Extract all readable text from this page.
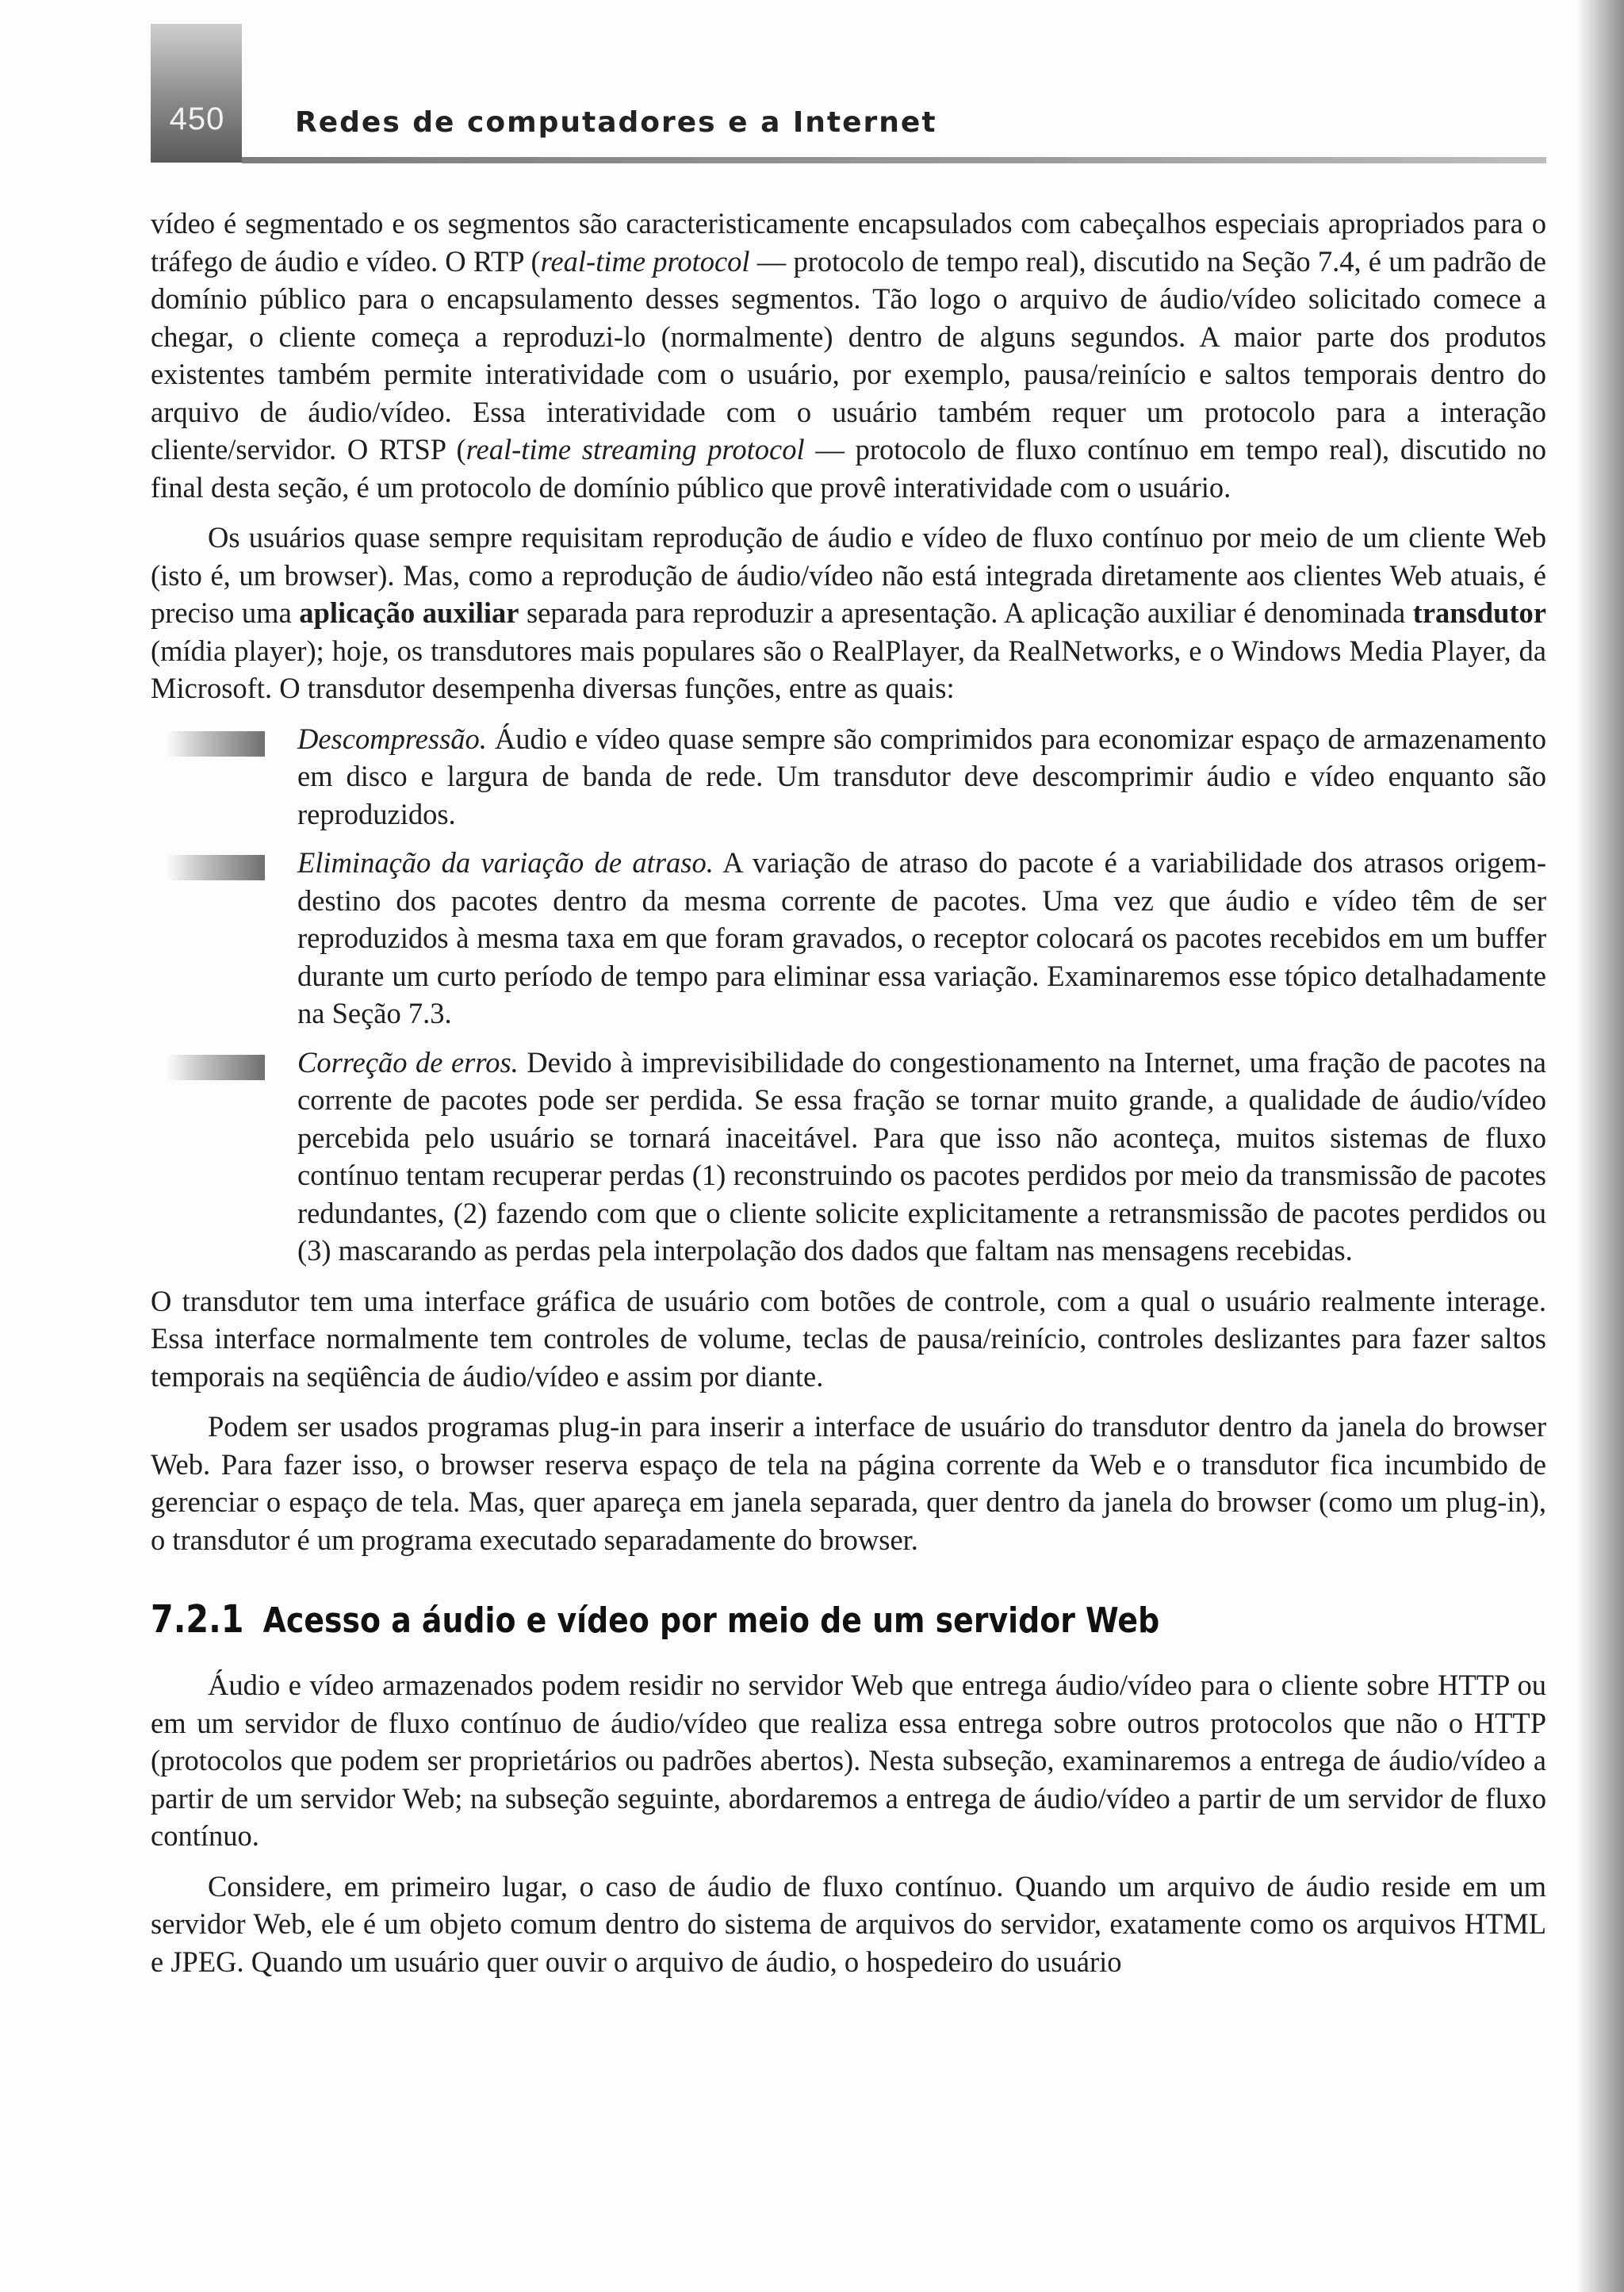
450	Redes de computadores e a Internet

vídeo é segmentado e os segmentos são caracteristicamente encapsulados com cabeçalhos especiais apropriados para o tráfego de áudio e vídeo. O RTP (real-time protocol — protocolo de tempo real), discutido na Seção 7.4, é um padrão de domínio público para o encapsulamento desses segmentos. Tão logo o arquivo de áudio/vídeo solicitado comece a chegar, o cliente começa a reproduzi-lo (normalmente) dentro de alguns segundos. A maior parte dos produtos existentes também permite interatividade com o usuário, por exemplo, pausa/reinício e saltos temporais dentro do arquivo de áudio/vídeo. Essa interatividade com o usuário também requer um protocolo para a interação cliente/servidor. O RTSP (real-time streaming protocol — protocolo de fluxo contínuo em tempo real), discutido no final desta seção, é um protocolo de domínio público que provê interatividade com o usuário.

Os usuários quase sempre requisitam reprodução de áudio e vídeo de fluxo contínuo por meio de um cliente Web (isto é, um browser). Mas, como a reprodução de áudio/vídeo não está integrada diretamente aos clientes Web atuais, é preciso uma aplicação auxiliar separada para reproduzir a apresentação. A aplicação auxiliar é denominada transdutor (mídia player); hoje, os transdutores mais populares são o RealPlayer, da RealNetworks, e o Windows Media Player, da Microsoft. O transdutor desempenha diversas funções, entre as quais:

Descompressão. Áudio e vídeo quase sempre são comprimidos para economizar espaço de armazenamento em disco e largura de banda de rede. Um transdutor deve descomprimir áudio e vídeo enquanto são reproduzidos.
Eliminação da variação de atraso. A variação de atraso do pacote é a variabilidade dos atrasos origem-destino dos pacotes dentro da mesma corrente de pacotes. Uma vez que áudio e vídeo têm de ser reproduzidos à mesma taxa em que foram gravados, o receptor colocará os pacotes recebidos em um buffer durante um curto período de tempo para eliminar essa variação. Examinaremos esse tópico detalhadamente na Seção 7.3.
Correção de erros. Devido à imprevisibilidade do congestionamento na Internet, uma fração de pacotes na corrente de pacotes pode ser perdida. Se essa fração se tornar muito grande, a qualidade de áudio/vídeo percebida pelo usuário se tornará inaceitável. Para que isso não aconteça, muitos sistemas de fluxo contínuo tentam recuperar perdas (1) reconstruindo os pacotes perdidos por meio da transmissão de pacotes redundantes, (2) fazendo com que o cliente solicite explicitamente a retransmissão de pacotes perdidos ou (3) mascarando as perdas pela interpolação dos dados que faltam nas mensagens recebidas.

O transdutor tem uma interface gráfica de usuário com botões de controle, com a qual o usuário realmente interage. Essa interface normalmente tem controles de volume, teclas de pausa/reinício, controles deslizantes para fazer saltos temporais na seqüência de áudio/vídeo e assim por diante.

Podem ser usados programas plug-in para inserir a interface de usuário do transdutor dentro da janela do browser Web. Para fazer isso, o browser reserva espaço de tela na página corrente da Web e o transdutor fica incumbido de gerenciar o espaço de tela. Mas, quer apareça em janela separada, quer dentro da janela do browser (como um plug-in), o transdutor é um programa executado separadamente do browser.

7.2.1 Acesso a áudio e vídeo por meio de um servidor Web

Áudio e vídeo armazenados podem residir no servidor Web que entrega áudio/vídeo para o cliente sobre HTTP ou em um servidor de fluxo contínuo de áudio/vídeo que realiza essa entrega sobre outros protocolos que não o HTTP (protocolos que podem ser proprietários ou padrões abertos). Nesta subseção, examinaremos a entrega de áudio/vídeo a partir de um servidor Web; na subseção seguinte, abordaremos a entrega de áudio/vídeo a partir de um servidor de fluxo contínuo.

Considere, em primeiro lugar, o caso de áudio de fluxo contínuo. Quando um arquivo de áudio reside em um servidor Web, ele é um objeto comum dentro do sistema de arquivos do servidor, exatamente como os arquivos HTML e JPEG. Quando um usuário quer ouvir o arquivo de áudio, o hospedeiro do usuário
